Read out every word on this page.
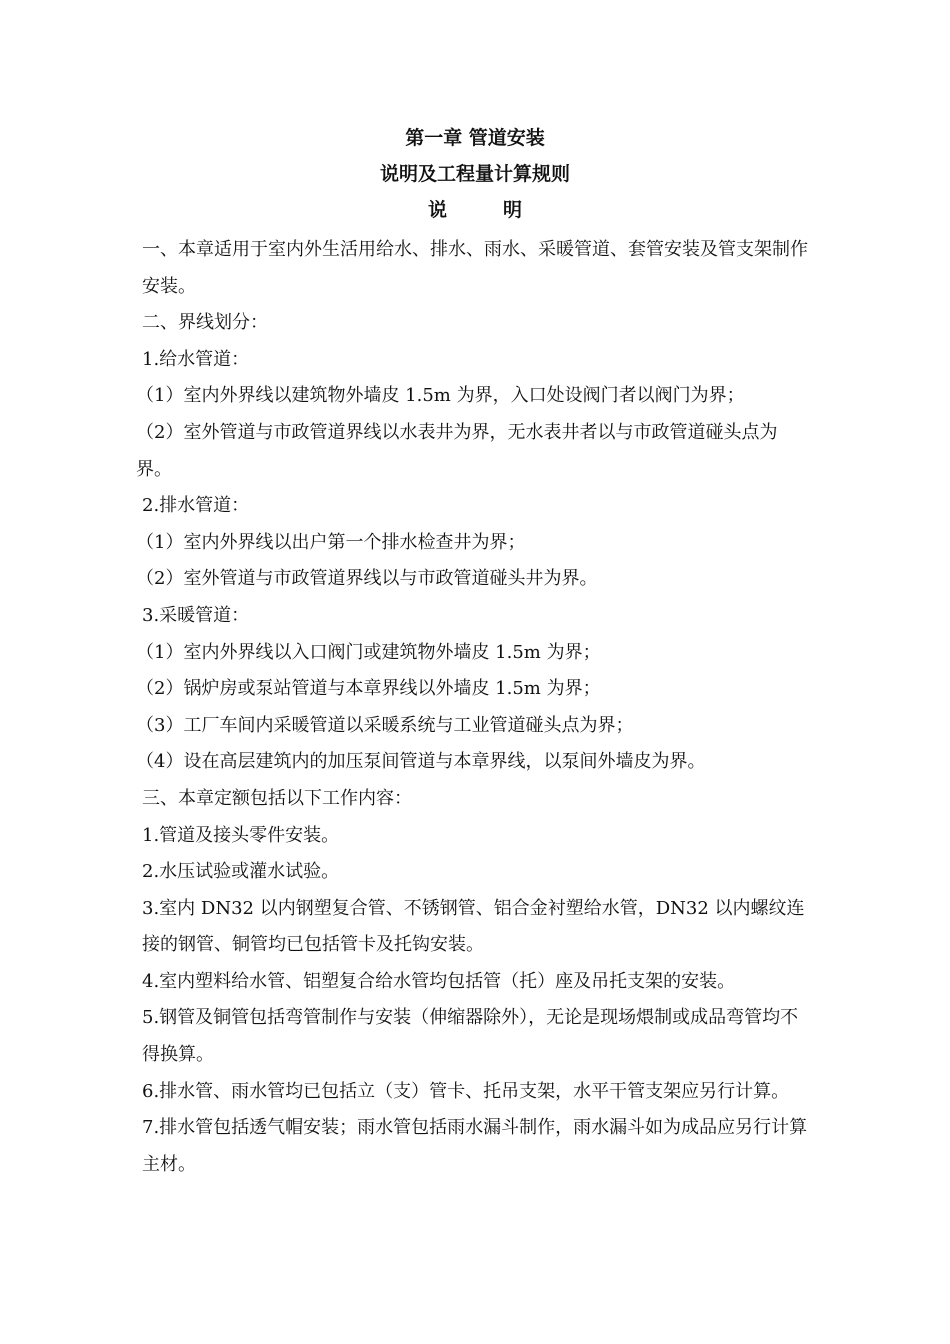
第一章 管道安装
说明及工程量计算规则
说	明

一、本章适用于室内外生活用给水、排水、雨水、采暖管道、套管安装及管支架制作安装。

二、界线划分：

1.给水管道：

（1）室内外界线以建筑物外墙皮 1.5m 为界，入口处设阀门者以阀门为界；

（2）室外管道与市政管道界线以水表井为界，无水表井者以与市政管道碰头点为界。

2.排水管道：

（1）室内外界线以出户第一个排水检查井为界；

（2）室外管道与市政管道界线以与市政管道碰头井为界。

3.采暖管道：

（1）室内外界线以入口阀门或建筑物外墙皮 1.5m 为界；

（2）锅炉房或泵站管道与本章界线以外墙皮 1.5m 为界；

（3）工厂车间内采暖管道以采暖系统与工业管道碰头点为界；

（4）设在高层建筑内的加压泵间管道与本章界线，以泵间外墙皮为界。

三、本章定额包括以下工作内容：

1.管道及接头零件安装。

2.水压试验或灌水试验。

3.室内 DN32 以内钢塑复合管、不锈钢管、铝合金衬塑给水管，DN32 以内螺纹连接的钢管、铜管均已包括管卡及托钩安装。

4.室内塑料给水管、铝塑复合给水管均包括管（托）座及吊托支架的安装。

5.钢管及铜管包括弯管制作与安装（伸缩器除外），无论是现场煨制或成品弯管均不得换算。

6.排水管、雨水管均已包括立（支）管卡、托吊支架，水平干管支架应另行计算。

7.排水管包括透气帽安装；雨水管包括雨水漏斗制作，雨水漏斗如为成品应另行计算主材。
